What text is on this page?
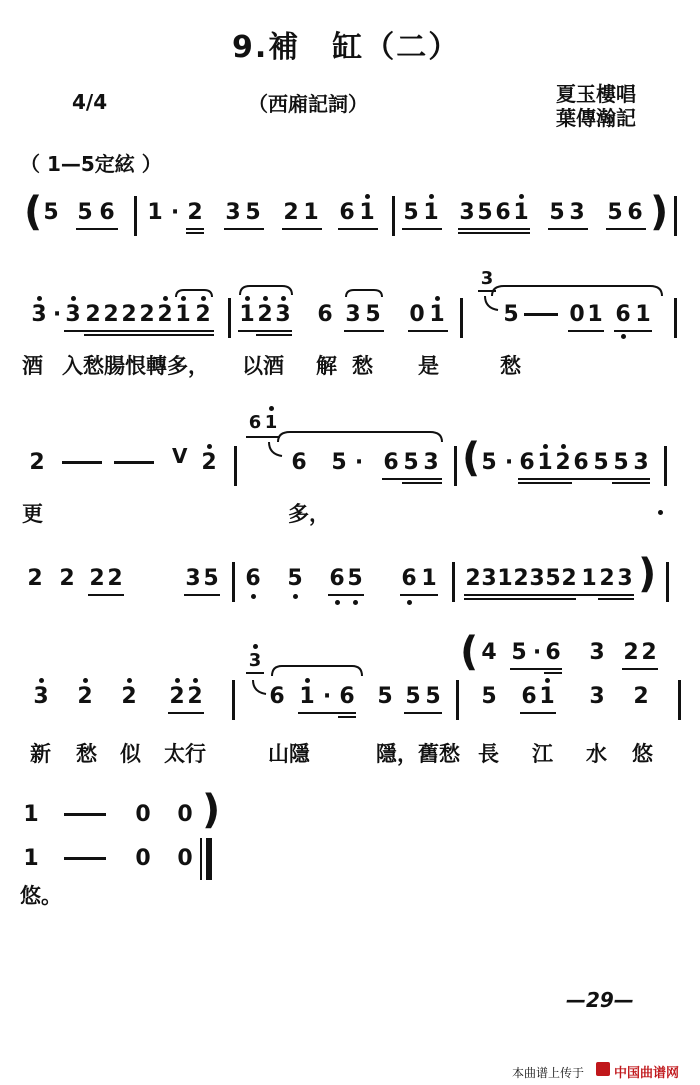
9.補　缸（二）
4/4	（西廂記詞）	夏玉樓唱
葉傳瀚記
（ 1—5定絃 ）
( 5 5 6 1 · 2 3 5 2 1 6 1 5 1 3 5 6 1 5 3 5 6 )
3 · 3 2 2 2 2 2 1 2 1 2 3 6 3 5 0 1
3
5 0 1 6 1
酒 入愁腸恨轉多， 以酒 解 愁 是	愁
2	V 2
6 1
6 5 · 6 5 3 ( 5 · 6 1 2 6 5 5 3
更	多，
2 2 2 2	3 5 6 5 6 5 6 1 2 3 1 2 3 5 2 1 2 3 )
( 4 5 · 6 3 2 2
3 2 2 2 2
3
6 1 · 6 5 5 5 5 6 1 3 2
新 愁 似 太行	山隱	隱，舊愁 長 江 水 悠
1	0 0 )
1	0 0
悠。
—29—
本曲谱上传于 中国曲谱网
